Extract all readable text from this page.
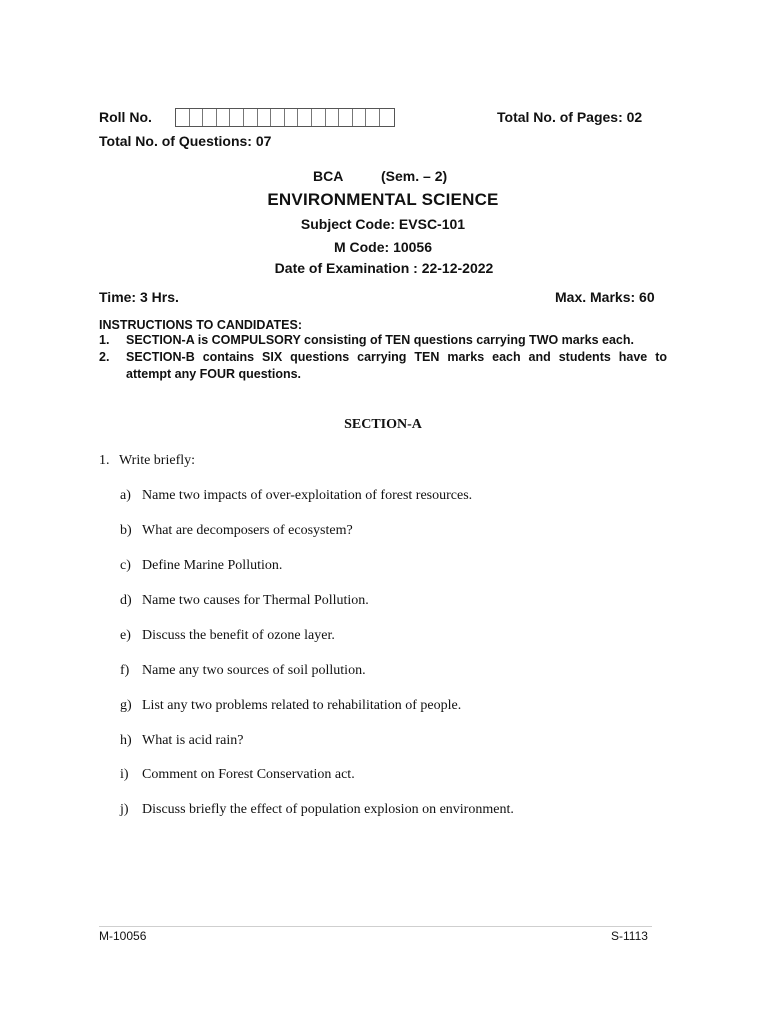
Roll No.	Total No. of Pages: 02
Total No. of Questions: 07
BCA	(Sem. – 2)
ENVIRONMENTAL SCIENCE
Subject Code: EVSC-101
M Code: 10056
Date of Examination : 22-12-2022
Time: 3 Hrs.	Max. Marks: 60
INSTRUCTIONS TO CANDIDATES:
1. SECTION-A is COMPULSORY consisting of TEN questions carrying TWO marks each.
2. SECTION-B contains SIX questions carrying TEN marks each and students have to
attempt any FOUR questions.
SECTION-A
1. Write briefly:
a) Name two impacts of over-exploitation of forest resources.
b) What are decomposers of ecosystem?
c) Define Marine Pollution.
d) Name two causes for Thermal Pollution.
e) Discuss the benefit of ozone layer.
f) Name any two sources of soil pollution.
g) List any two problems related to rehabilitation of people.
h) What is acid rain?
i) Comment on Forest Conservation act.
j) Discuss briefly the effect of population explosion on environment.
M-10056	S-1113
